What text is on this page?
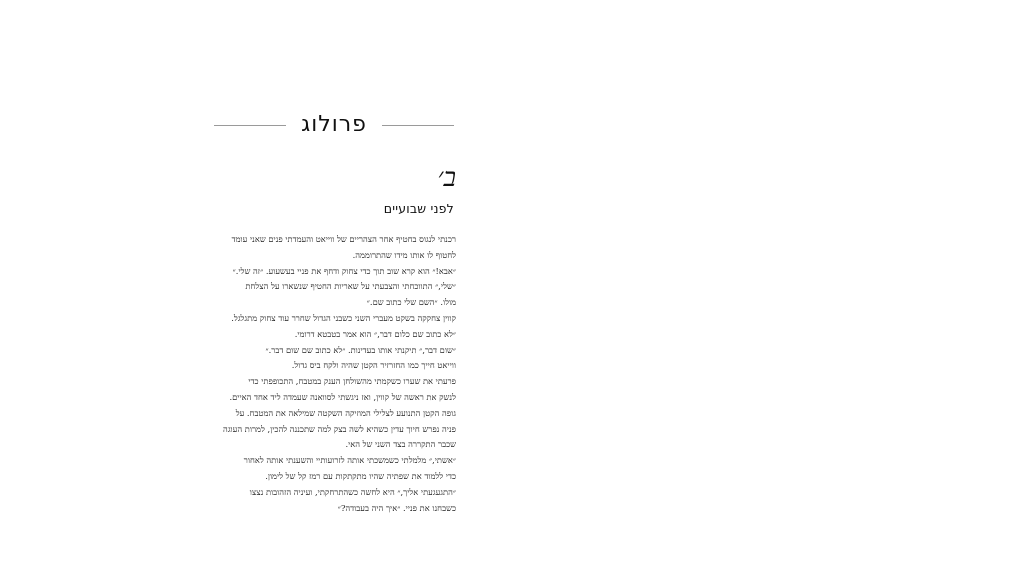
פרולוג
ב׳
לפני שבועיים
רכנתי לנגוס בחטיף אחר הצהריים של ווייאט והעמדתי פנים שאני עומד
לחטוף לו אותו מידו שהתרוממה.
״אבא!״ הוא קרא שוב תוך כדי צחוק ודחף את פניי בעשעוע. ״זה שלי.״
״שלי,״ התווכחתי והצבעתי על שאריות החטיף שנשארו על הצלחת
מולו. ״השם שלי כתוב שם.״
קווין צחקקה בשקט מעברי השני כשבני הגדול שחרר עוד צחוק מתגלגל.
״לא כתוב שם כלום דבר,״ הוא אמר בטבטא דרומי.
״שום דבר,״ תיקנתי אותו בעדינות. ״לא כתוב שם שום דבר.״
ווייאט חייך כמו החזרזיר הקטן שהיה ולקח ביס גדול.
פרעתי את שערו כשקמתי מהשולחן הענק במטבח, התכופפתי כדי
לנשק את ראשה של קווין, ואז ניגשתי לסוואנה שעמדה ליד אחד האיים.
גופה הקטן התנועע לצלילי המוזיקה השקטה שמילאה את המטבח. על
פניה נפרש חיוך עדין כשהיא לשה בצק למה שתכננה להכין, למרות העוגה
שכבר התקררה בצד השני של האי.
״אשתי,״ מלמלתי כשמשכתי אותה לזרועותיי והשענתי אותה לאחור
כדי ללמוד את שפתיה שהיו מתקתקות עם רמז קל של לימון.
״התגעגעתי אליך,״ היא לחשה כשהתרחקתי, ועיניה הזהובות נצצו
כשבחנו את פניי. ״איך היה בעבודה?״
